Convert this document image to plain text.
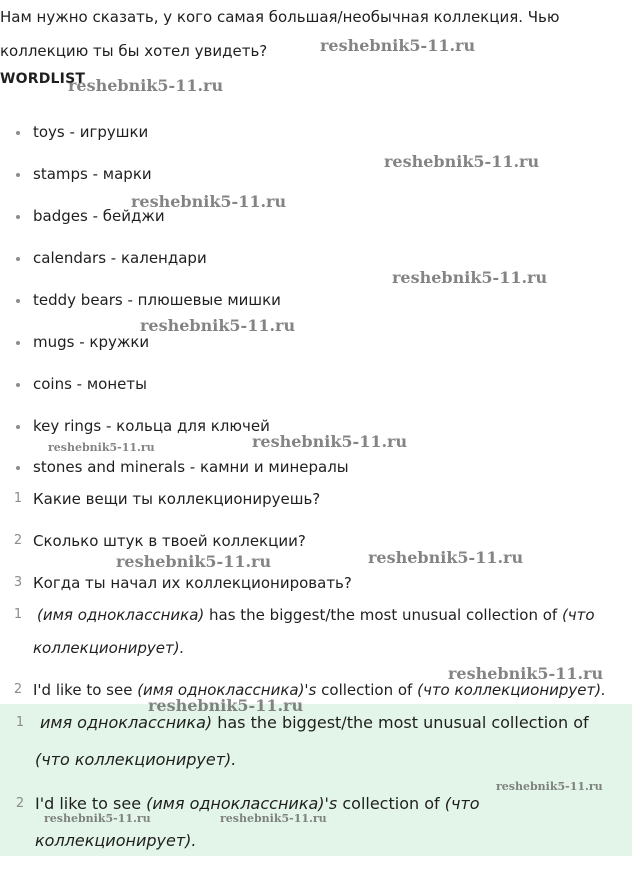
Нам нужно сказать, у кого самая большая/необычная коллекция. Чью
коллекцию ты бы хотел увидеть?
WORDLIST
toys - игрушки
stamps - марки
badges - бейджи
calendars - календари
teddy bears - плюшевые мишки
mugs - кружки
coins - монеты
key rings - кольца для ключей
stones and minerals - камни и минералы
1 Какие вещи ты коллекционируешь?
2 Сколько штук в твоей коллекции?
3 Когда ты начал их коллекционировать?
1 (имя одноклассника) has the biggest/the most unusual collection of (что
коллекционирует).
2 I'd like to see (имя одноклассника)'s collection of (что коллекционирует).
1 имя одноклассника) has the biggest/the most unusual collection of
(что коллекционирует).
2 I'd like to see (имя одноклассника)'s collection of (что
коллекционирует).
reshebnik5-11.ru
reshebnik5-11.ru
reshebnik5-11.ru
reshebnik5-11.ru
reshebnik5-11.ru
reshebnik5-11.ru
reshebnik5-11.ru	reshebnik5-11.ru
reshebnik5-11.ru	reshebnik5-11.ru
reshebnik5-11.ru
reshebnik5-11.ru
reshebnik5-11.ru
reshebnik5-11.ru	reshebnik5-11.ru
